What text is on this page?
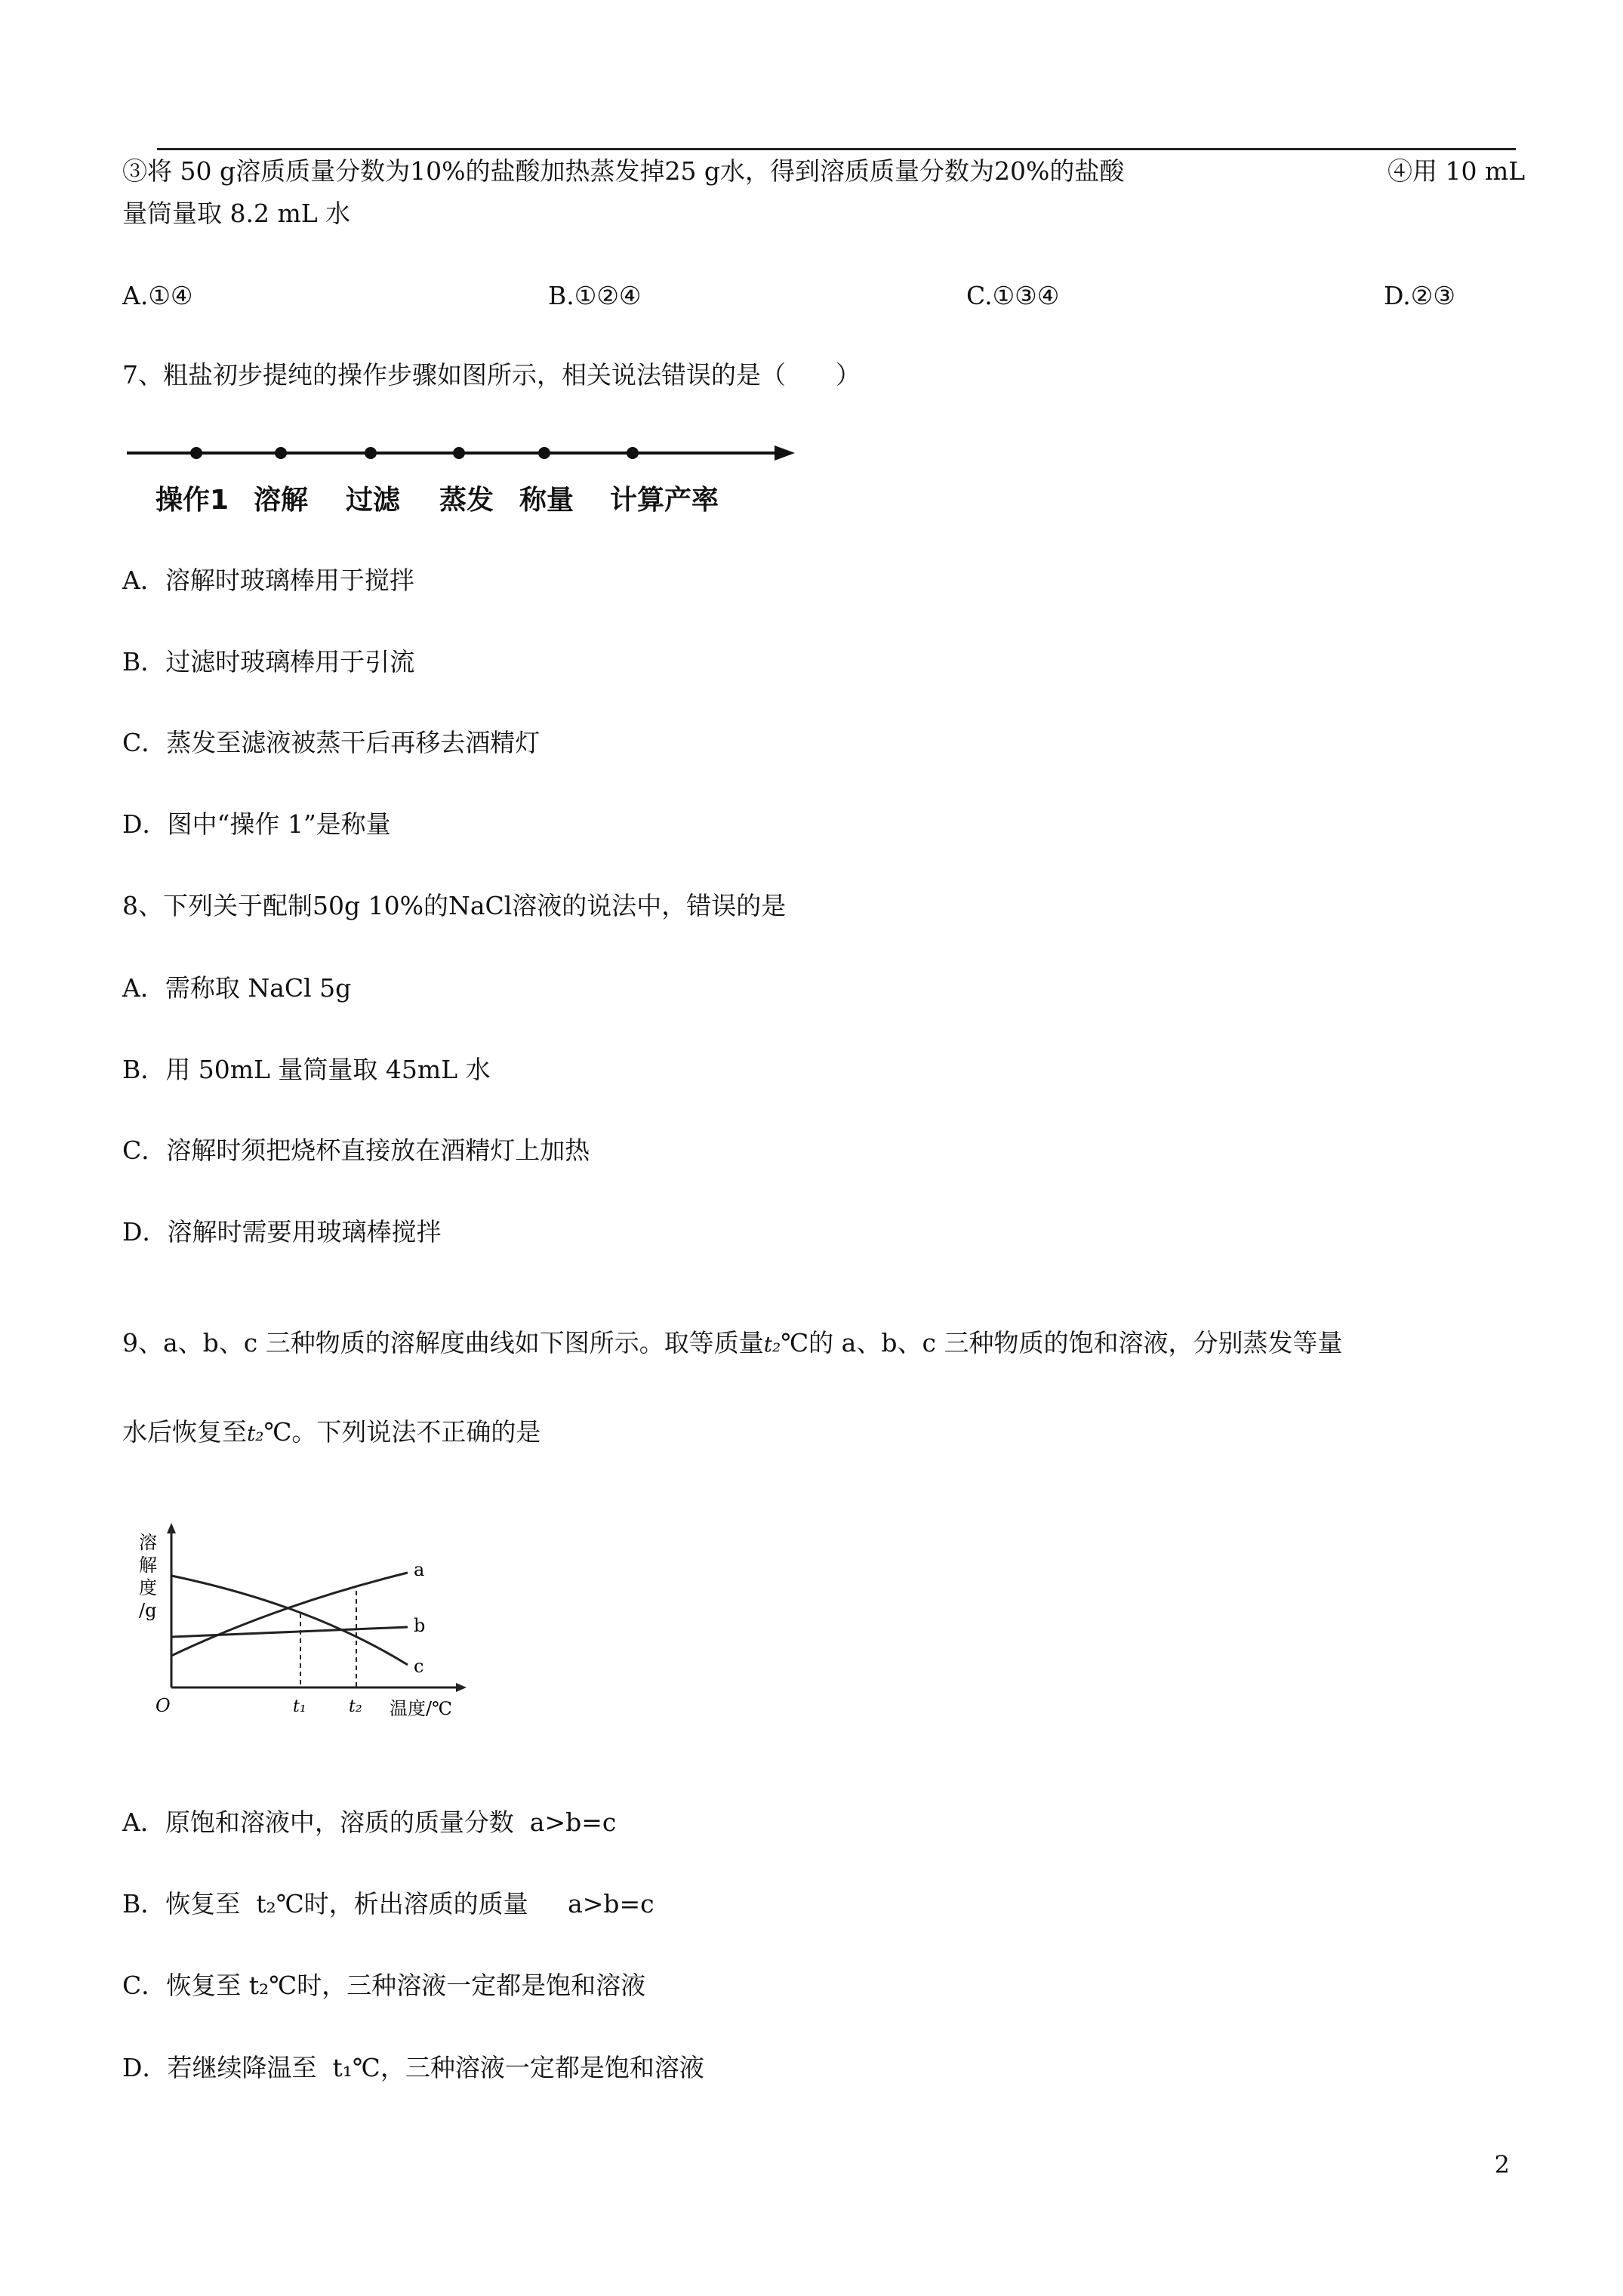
③将 50 g溶质质量分数为10%的盐酸加热蒸发掉25 g水，得到溶质质量分数为20%的盐酸	④用 10 mL
量筒量取 8.2 mL 水
A.①④	B.①②④	C.①③④	D.②③
7、粗盐初步提纯的操作步骤如图所示，相关说法错误的是（　　）
操作1 溶解 过滤 蒸发 称量 计算产率
A．溶解时玻璃棒用于搅拌
B．过滤时玻璃棒用于引流
C．蒸发至滤液被蒸干后再移去酒精灯
D．图中“操作 1”是称量
8、下列关于配制50g 10%的NaCl溶液的说法中，错误的是
A．需称取 NaCl 5g
B．用 50mL 量筒量取 45mL 水
C．溶解时须把烧杯直接放在酒精灯上加热
D．溶解时需要用玻璃棒搅拌
9、a、b、c 三种物质的溶解度曲线如下图所示。取等质量t₂℃的 a、b、c 三种物质的饱和溶液，分别蒸发等量
水后恢复至t₂℃。下列说法不正确的是
溶
解
度
/g
O	t₁	t₂ 温度/℃
a
b
c
A．原饱和溶液中，溶质的质量分数  a>b=c
B．恢复至  t₂℃时，析出溶质的质量     a>b=c
C．恢复至 t₂℃时，三种溶液一定都是饱和溶液
D．若继续降温至  t₁℃，三种溶液一定都是饱和溶液
2
